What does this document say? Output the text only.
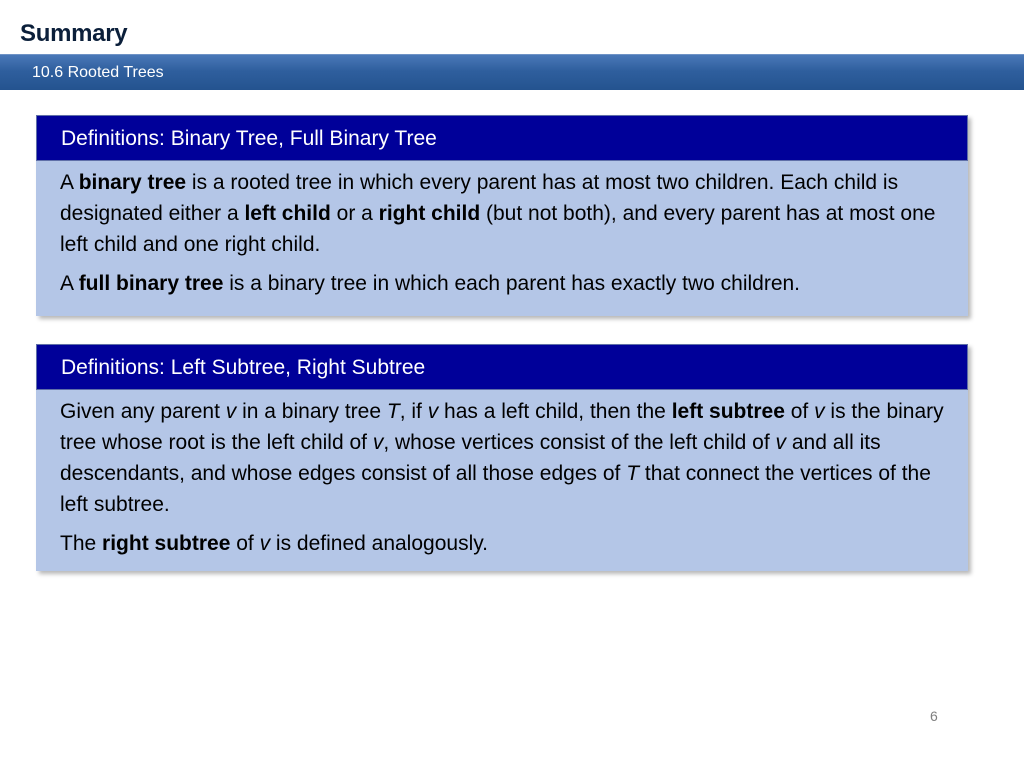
Summary
10.6 Rooted Trees
Definitions: Binary Tree, Full Binary Tree

A binary tree is a rooted tree in which every parent has at most two children. Each child is designated either a left child or a right child (but not both), and every parent has at most one left child and one right child.

A full binary tree is a binary tree in which each parent has exactly two children.

Definitions: Left Subtree, Right Subtree

Given any parent v in a binary tree T, if v has a left child, then the left subtree of v is the binary tree whose root is the left child of v, whose vertices consist of the left child of v and all its descendants, and whose edges consist of all those edges of T that connect the vertices of the left subtree.

The right subtree of v is defined analogously.

6
